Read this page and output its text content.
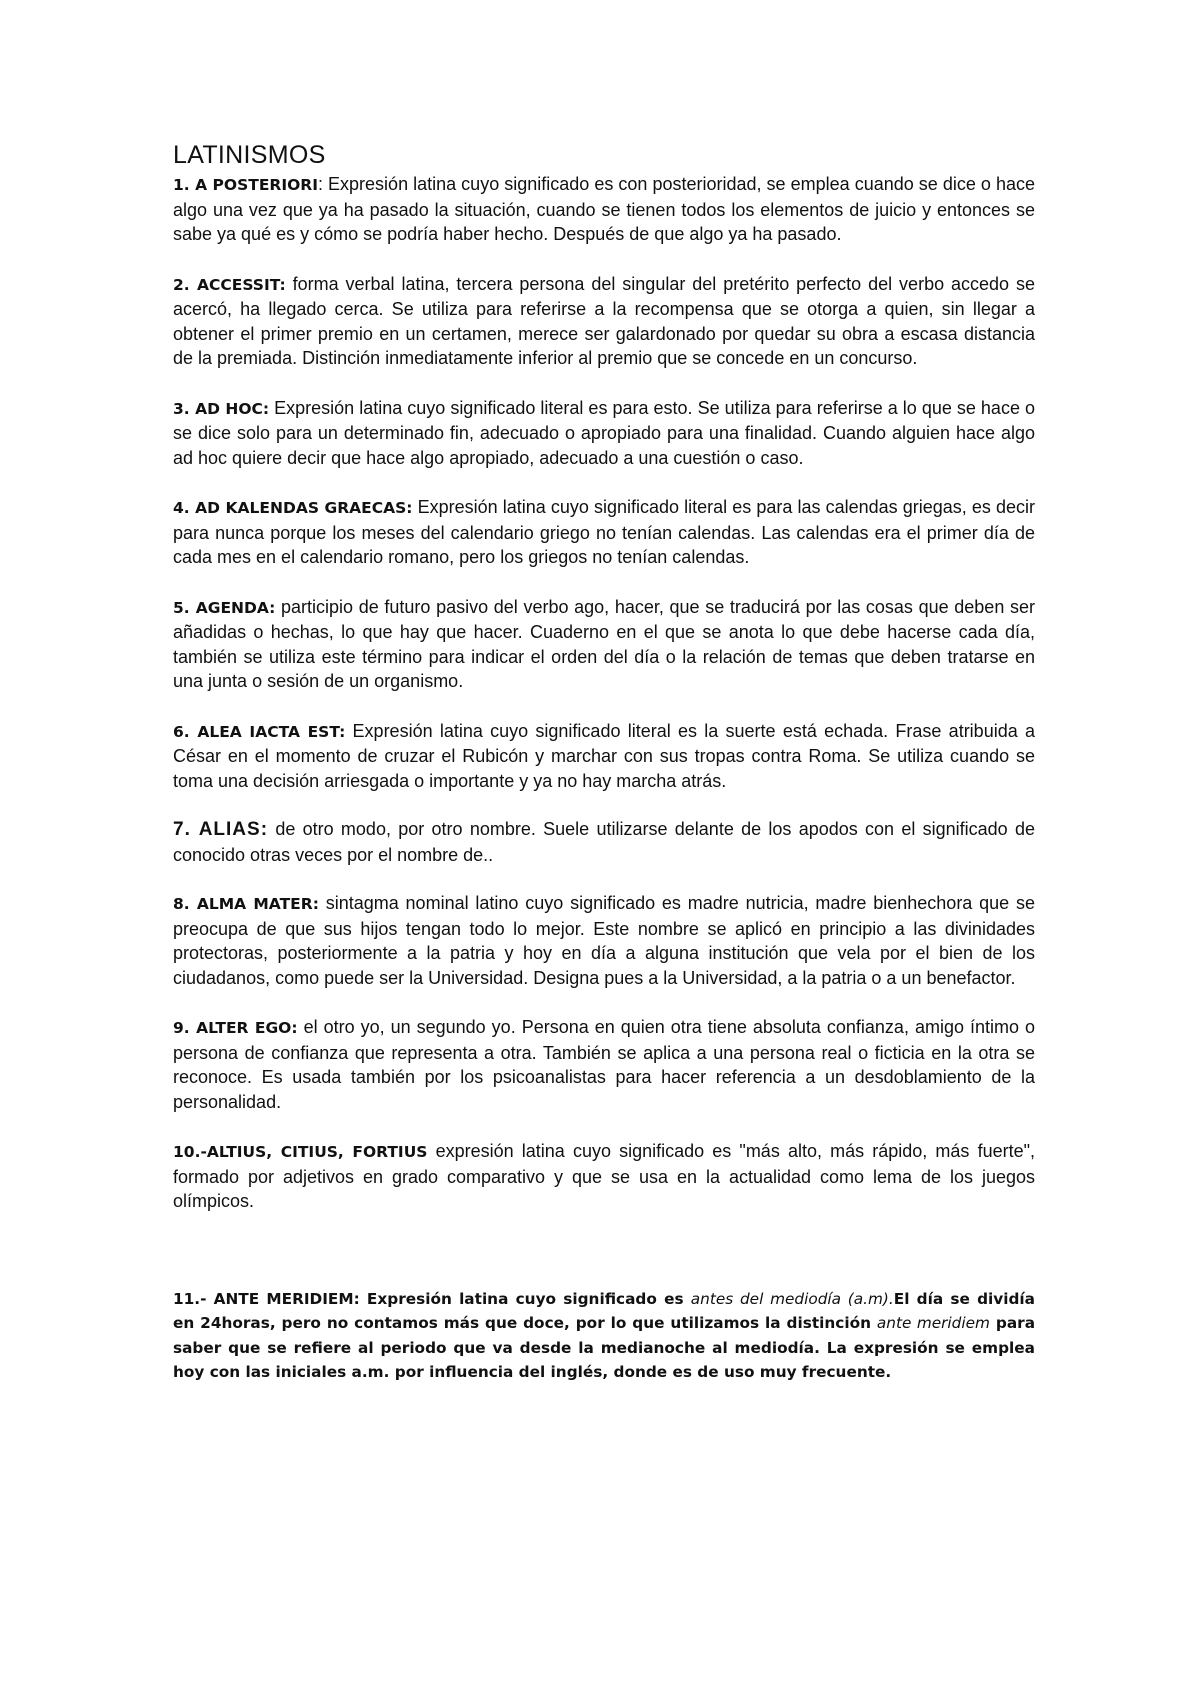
LATINISMOS

1. A POSTERIORI: Expresión latina cuyo significado es con posterioridad, se emplea cuando se dice o hace algo una vez que ya ha pasado la situación, cuando se tienen todos los elementos de juicio y entonces se sabe ya qué es y cómo se podría haber hecho. Después de que algo ya ha pasado.

2. ACCESSIT: forma verbal latina, tercera persona del singular del pretérito perfecto del verbo accedo se acercó, ha llegado cerca. Se utiliza para referirse a la recompensa que se otorga a quien, sin llegar a obtener el primer premio en un certamen, merece ser galardonado por quedar su obra a escasa distancia de la premiada. Distinción inmediatamente inferior al premio que se concede en un concurso.

3. AD HOC: Expresión latina cuyo significado literal es para esto. Se utiliza para referirse a lo que se hace o se dice solo para un determinado fin, adecuado o apropiado para una finalidad. Cuando alguien hace algo ad hoc quiere decir que hace algo apropiado, adecuado a una cuestión o caso.

4. AD KALENDAS GRAECAS: Expresión latina cuyo significado literal es para las calendas griegas, es decir para nunca porque los meses del calendario griego no tenían calendas. Las calendas era el primer día de cada mes en el calendario romano, pero los griegos no tenían calendas.

5. AGENDA: participio de futuro pasivo del verbo ago, hacer, que se traducirá por las cosas que deben ser añadidas o hechas, lo que hay que hacer. Cuaderno en el que se anota lo que debe hacerse cada día, también se utiliza este término para indicar el orden del día o la relación de temas que deben tratarse en una junta o sesión de un organismo.

6. ALEA IACTA EST: Expresión latina cuyo significado literal es la suerte está echada. Frase atribuida a César en el momento de cruzar el Rubicón y marchar con sus tropas contra Roma. Se utiliza cuando se toma una decisión arriesgada o importante y ya no hay marcha atrás.

7. ALIAS: de otro modo, por otro nombre. Suele utilizarse delante de los apodos con el significado de conocido otras veces por el nombre de..

8. ALMA MATER: sintagma nominal latino cuyo significado es madre nutricia, madre bienhechora que se preocupa de que sus hijos tengan todo lo mejor. Este nombre se aplicó en principio a las divinidades protectoras, posteriormente a la patria y hoy en día a alguna institución que vela por el bien de los ciudadanos, como puede ser la Universidad. Designa pues a la Universidad, a la patria o a un benefactor.

9. ALTER EGO: el otro yo, un segundo yo. Persona en quien otra tiene absoluta confianza, amigo íntimo o persona de confianza que representa a otra. También se aplica a una persona real o ficticia en la otra se reconoce. Es usada también por los psicoanalistas para hacer referencia a un desdoblamiento de la personalidad.

10.-ALTIUS, CITIUS, FORTIUS expresión latina cuyo significado es "más alto, más rápido, más fuerte", formado por adjetivos en grado comparativo y que se usa en la actualidad como lema de los juegos olímpicos.

11.- ANTE MERIDIEM: Expresión latina cuyo significado es antes del mediodía (a.m).El día se dividía en 24horas, pero no contamos más que doce, por lo que utilizamos la distinción ante meridiem para saber que se refiere al periodo que va desde la medianoche al mediodía. La expresión se emplea hoy con las iniciales a.m. por influencia del inglés, donde es de uso muy frecuente.
